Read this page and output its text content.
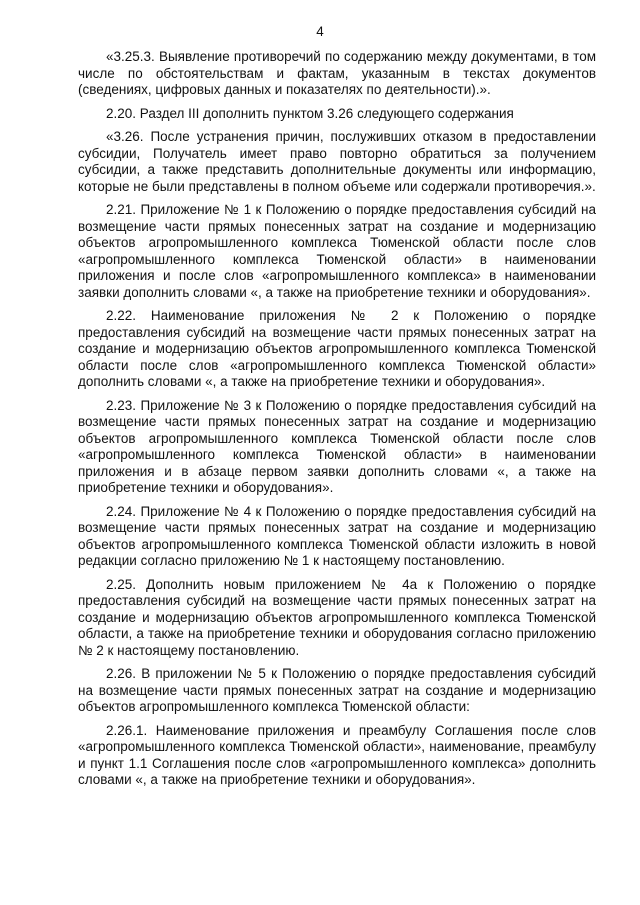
4

«3.25.3. Выявление противоречий по содержанию между документами, в том числе по обстоятельствам и фактам, указанным в текстах документов (сведениях, цифровых данных и показателях по деятельности).».

2.20. Раздел III дополнить пунктом 3.26 следующего содержания

«3.26. После устранения причин, послуживших отказом в предоставлении субсидии, Получатель имеет право повторно обратиться за получением субсидии, а также представить дополнительные документы или информацию, которые не были представлены в полном объеме или содержали противоречия.».

2.21. Приложение № 1 к Положению о порядке предоставления субсидий на возмещение части прямых понесенных затрат на создание и модернизацию объектов агропромышленного комплекса Тюменской области после слов «агропромышленного комплекса Тюменской области» в наименовании приложения и после слов «агропромышленного комплекса» в наименовании заявки дополнить словами «, а также на приобретение техники и оборудования».

2.22. Наименование приложения № 2 к Положению о порядке предоставления субсидий на возмещение части прямых понесенных затрат на создание и модернизацию объектов агропромышленного комплекса Тюменской области после слов «агропромышленного комплекса Тюменской области» дополнить словами «, а также на приобретение техники и оборудования».

2.23. Приложение № 3 к Положению о порядке предоставления субсидий на возмещение части прямых понесенных затрат на создание и модернизацию объектов агропромышленного комплекса Тюменской области после слов «агропромышленного комплекса Тюменской области» в наименовании приложения и в абзаце первом заявки дополнить словами «, а также на приобретение техники и оборудования».

2.24. Приложение № 4 к Положению о порядке предоставления субсидий на возмещение части прямых понесенных затрат на создание и модернизацию объектов агропромышленного комплекса Тюменской области изложить в новой редакции согласно приложению № 1 к настоящему постановлению.

2.25. Дополнить новым приложением № 4а к Положению о порядке предоставления субсидий на возмещение части прямых понесенных затрат на создание и модернизацию объектов агропромышленного комплекса Тюменской области, а также на приобретение техники и оборудования согласно приложению № 2 к настоящему постановлению.

2.26. В приложении № 5 к Положению о порядке предоставления субсидий на возмещение части прямых понесенных затрат на создание и модернизацию объектов агропромышленного комплекса Тюменской области:

2.26.1. Наименование приложения и преамбулу Соглашения после слов «агропромышленного комплекса Тюменской области», наименование, преамбулу и пункт 1.1 Соглашения после слов «агропромышленного комплекса» дополнить словами «, а также на приобретение техники и оборудования».
